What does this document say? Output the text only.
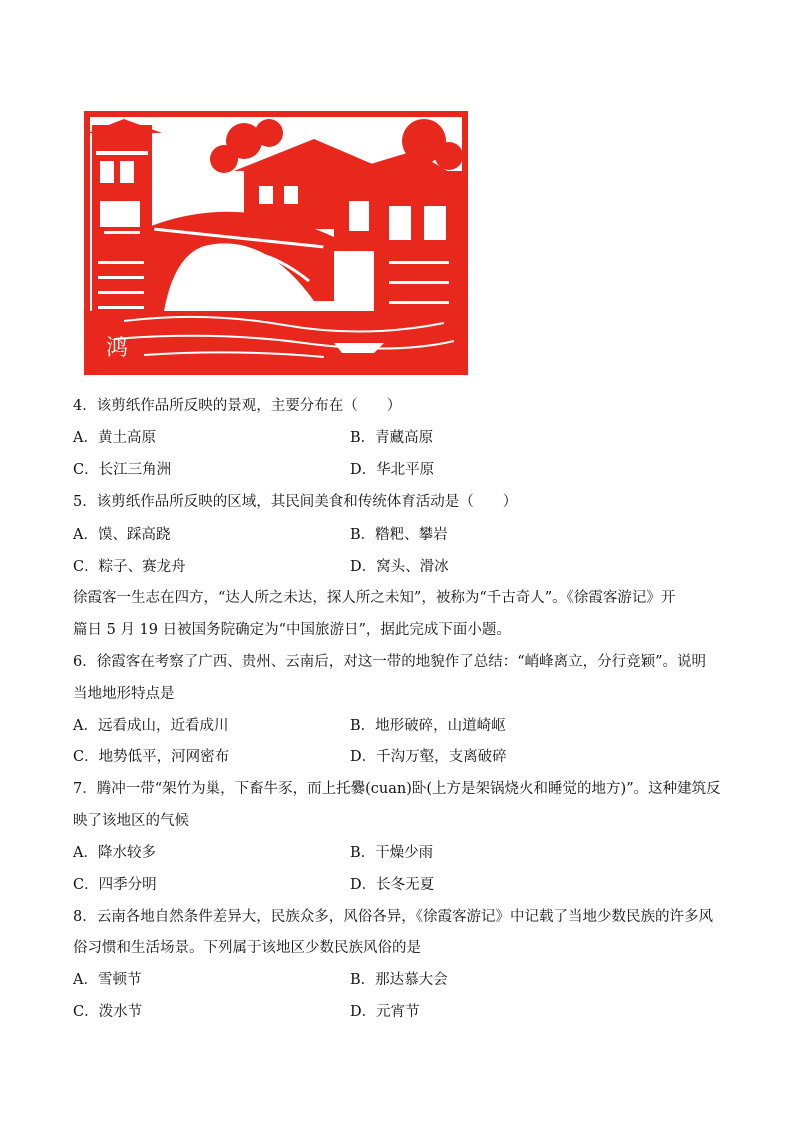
鸿
4．该剪纸作品所反映的景观，主要分布在（　　）
A．黄土高原	B．青藏高原
C．长江三角洲	D．华北平原
5．该剪纸作品所反映的区域，其民间美食和传统体育活动是（　　）
A．馍、踩高跷	B．糌粑、攀岩
C．粽子、赛龙舟	D．窝头、滑冰
徐霞客一生志在四方，“达人所之未达，探人所之未知”，被称为“千古奇人”。《徐霞客游记》开
篇日 5 月 19 日被国务院确定为“中国旅游日”，据此完成下面小题。
6．徐霞客在考察了广西、贵州、云南后，对这一带的地貌作了总结：“峭峰离立，分行竞颖”。说明
当地地形特点是
A．远看成山，近看成川	B．地形破碎，山道崎岖
C．地势低平，河网密布	D．千沟万壑，支离破碎
7．腾冲一带“架竹为巢，下畜牛豕，而上托爨(cuan)卧(上方是架锅烧火和睡觉的地方)”。这种建筑反
映了该地区的气候
A．降水较多	B．干燥少雨
C．四季分明	D．长冬无夏
8．云南各地自然条件差异大，民族众多，风俗各异，《徐霞客游记》中记载了当地少数民族的许多风
俗习惯和生活场景。下列属于该地区少数民族风俗的是
A．雪顿节	B．那达慕大会
C．泼水节	D．元宵节
